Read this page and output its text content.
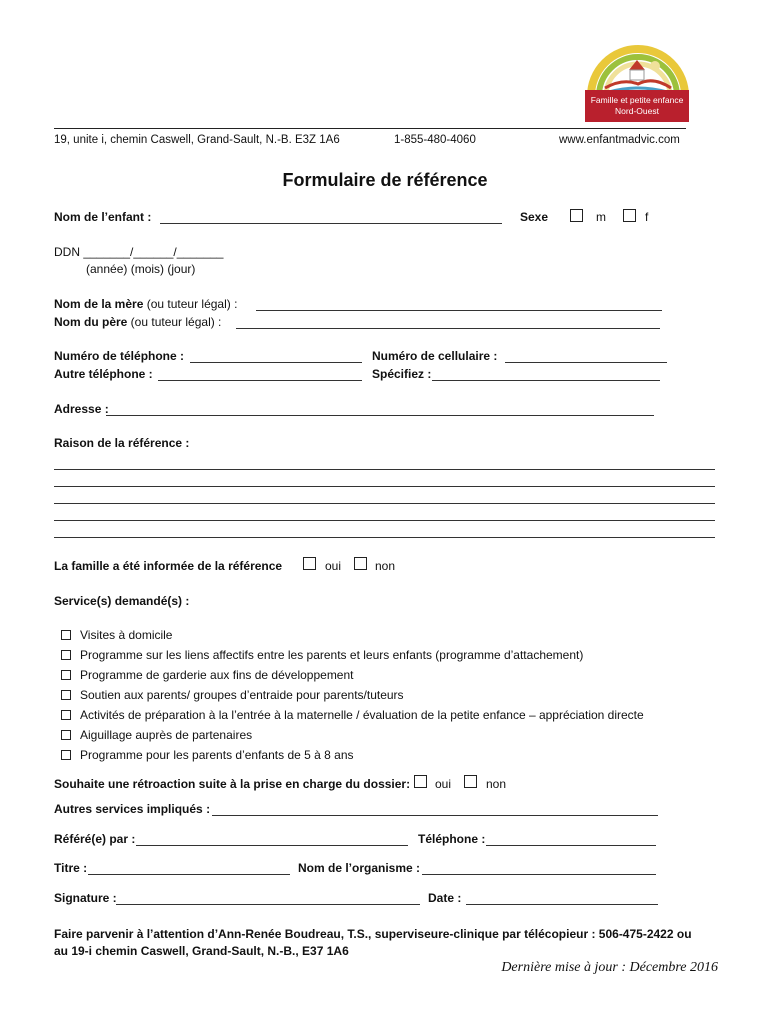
Famille et petite enfance
Nord-Ouest
19, unite i, chemin Caswell, Grand-Sault, N.-B. E3Z 1A6	1-855-480-4060	www.enfantmadvic.com
Formulaire de référence
Nom de l’enfant :	Sexe	m	f
DDN _______/______/_______
(année) (mois) (jour)
Nom de la mère (ou tuteur légal) :
Nom du père (ou tuteur légal) :
Numéro de téléphone :	Numéro de cellulaire :
Autre téléphone :	Spécifiez :
Adresse :
Raison de la référence :
La famille a été informée de la référence	oui	non
Service(s) demandé(s) :
Visites à domicile
Programme sur les liens affectifs entre les parents et leurs enfants (programme d’attachement)
Programme de garderie aux fins de développement
Soutien aux parents/ groupes d’entraide pour parents/tuteurs
Activités de préparation à la l’entrée à la maternelle / évaluation de la petite enfance – appréciation directe
Aiguillage auprès de partenaires
Programme pour les parents d’enfants de 5 à 8 ans
Souhaite une rétroaction suite à la prise en charge du dossier: oui	non
Autres services impliqués :
Référé(e) par :	Téléphone :
Titre :	Nom de l’organisme :
Signature :	Date :
Faire parvenir à l’attention d’Ann-Renée Boudreau, T.S., superviseure-clinique par télécopieur : 506-475-2422 ou
au 19-i chemin Caswell, Grand-Sault, N.-B., E37 1A6
Dernière mise à jour : Décembre 2016
